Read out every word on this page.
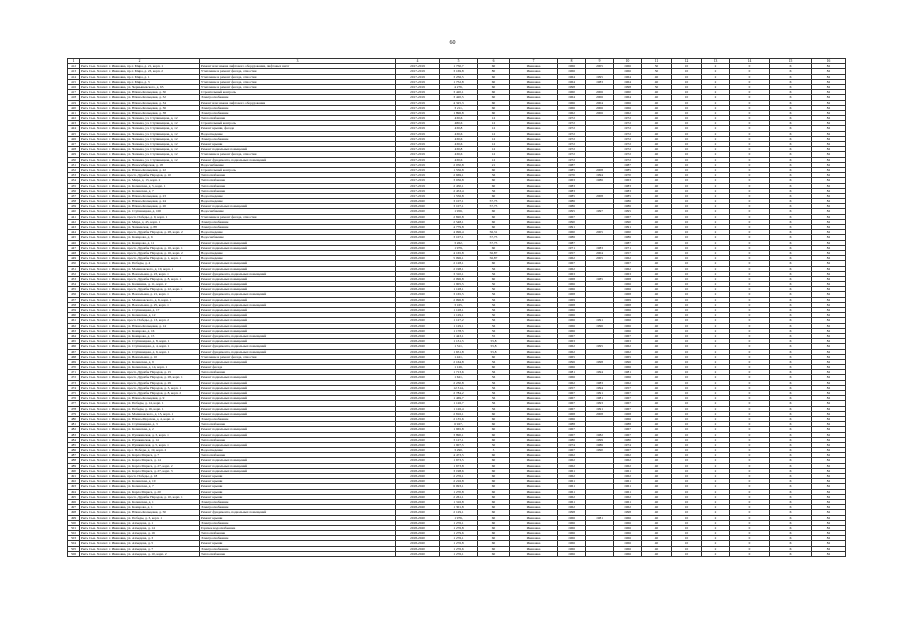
60
1	2	3	4	5	6	7	8	9	10	11	12	13	14	15	16
412	Рыть Сыа. Хлопот. г. Ивановка, пр-т. Мира, д. 21, корп. 1	Ремонт или замена лифтового оборудования, лифтовых шахт	2017-2019	1 750,7	60	Ивановка	1966	2005	1966	50	10	2	0	Х	82
413	Рыть Сыа. Хлопот. г. Ивановка, пр-т. Мира, д. 23, корп. 2	Утепление и ремонт фасада, отмостки	2017-2019	3 169,8	80	Ивановка	1966		1966	50	10	2	0	Х	82
414	Рыть Сыа. Хлопот. г. Ивановка, пр-т. Мира, д. 1	Утепление и ремонт фасада, отмостки	2017-2019	3 256,5	60	Ивановка	1964	1995	1964	40	10	2	0	Х	82
415	Рыть Сыа. Хлопот. г. Ивановка, пр-т. Мира, д. 3	Утепление и ремонт фасада, отмостки	2017-2019	1 752,8	60	Ивановка	1964	1983	1964	40	10	2	0	Х	82
416	Рыть Сыа. Хлопот. г. Ивановка, ул. Чернышевского, д. 65	Утепление и ремонт фасада, отмостки	2017-2019	4 276,	60	Ивановка	1998		1998	50	10	2	0	Х	82
417	Рыть Сыа. Хлопот. г. Ивановка, ул. Южно-Кольцевая, д. 30	Строительный контроль	2017-2019	3 420,1	60	Ивановка	1960	2006	1960	40	10	2	0	Х	82
418	Рыть Сыа. Хлопот. г. Ивановка, ул. Южно-Кольцевая, д. 32	Электроснабжение	2017-2019	3 420,5	60	Ивановка	1964	2006	1964	40	10	2	0	Х	82
419	Рыть Сыа. Хлопот. г. Ивановка, ул. Южно-Кольцевая, д. 34	Ремонт или замена лифтового оборудования	2017-2019	4 325,3	60	Ивановка	1966	2004	1966	40	10	2	0	Х	82
420	Рыть Сыа. Хлопот. г. Ивановка, ул. Южно-Кольцевая, д. 36	Электроснабжение	2017-2019	3 211,	60	Ивановка	1966	2006	1966	40	10	2	0	Х	82
421	Рыть Сыа. Хлопот. г. Ивановка, ул. Южно-Кольцевая, д. 38	Электроснабжение	2017-2019	1 896,8	60	Ивановка	1962	2006	1962	40	10	2	0	Х	82
422	Рыть Сыа. Хлопот. г. Ивановка, ул. Чапаева, ул. Ступинецкая, д. 12	Теплоснабжение	2017-2019	430,6	12	Ивановка	1972		1972	40	10	2	0	Х	82
423	Рыть Сыа. Хлопот. г. Ивановка, ул. Чапаева, ул. Ступинецкая, д. 12	Строительный контроль	2017-2019	480,6	12	Ивановка	1972		1972	40	10	2	0	Х	82
424	Рыть Сыа. Хлопот. г. Ивановка, ул. Чапаева, ул. Ступинецкая, д. 12	Ремонт крыши, фасада	2017-2019	430,8	12	Ивановка	1972		1972	40	10	2	0	Х	82
425	Рыть Сыа. Хлопот. г. Ивановка, ул. Чапаева, ул. Ступинецкая, д. 12	Водоотведение	2017-2019	430,6	12	Ивановка	1972		1972	40	10	2	0	Х	82
426	Рыть Сыа. Хлопот. г. Ивановка, ул. Чапаева, ул. Ступинецкая, д. 12	Электроснабжение	2017-2019	430,6	12	Ивановка	1972		1972	40	10	2	0	Х	82
427	Рыть Сыа. Хлопот. г. Ивановка, ул. Чапаева, ул. Ступинецкая, д. 12	Ремонт крыши	2017-2019	430,6	12	Ивановка	1972		1972	40	10	2	0	Х	82
428	Рыть Сыа. Хлопот. г. Ивановка, ул. Чапаева, ул. Ступинецкая, д. 12	Ремонт подвальных помещений	2017-2019	430,8	12	Ивановка	1972		1972	40	10	2	0	Х	82
429	Рыть Сыа. Хлопот. г. Ивановка, ул. Чапаева, ул. Ступинецкая, д. 12	Утепление и ремонт фасада, отмостки	2017-2019	430,6	12	Ивановка	1972		1972	40	10	2	0	Х	82
430	Рыть Сыа. Хлопот. г. Ивановка, ул. Чапаева, ул. Ступинецкая, д. 12	Ремонт фундамента, подвальных помещений	2017-2019	430,6	12	Ивановка	1972		1972	40	10	2	0	Х	82
431	Рыть Сыа. Хлопот. г. Ивановка, ул. Новосибирская, д. 18	Водоснабжение	2017-2019	2 050,8	21	Ивановка	1987		1987	40	10	2	0	Х	82
432	Рыть Сыа. Хлопот. г. Ивановка, ул. Южно-Кольцевая, д. 22	Строительный контроль	2017-2019	1 556,8	60	Ивановка	1985	2008	1985	40	10	2	0	Х	82
433	Рыть Сыа. Хлопот. г. Ивановка, просп. Дружбы Народов, д. 10	Теплоснабжение	2017-2019	2 669,1	56	Ивановка	1970	1994	1970	40	10	2	0	Х	82
434	Рыть Сыа. Хлопот. г. Ивановка, ул. Мира, д. 13, корп. 2	Теплоснабжение	2017-2019	3 036,8	60	Ивановка	1963	1986	1963	40	10	2	0	Х	82
435	Рыть Сыа. Хлопот. г. Ивановка, ул. Копевская, д. 5, корп. 1	Теплоснабжение	2017-2019	2 450,1	60	Ивановка	1983		1983	40	10	2	0	Х	82
436	Рыть Сыа. Хлопот. г. Ивановка, ул. Копевская, д. 7	Теплоснабжение	2017-2019	2 453,4	56	Ивановка	1983		1983	40	10	2	0	Х	82
437	Рыть Сыа. Хлопот. г. Ивановка, ул. Южно-Кольцевая, д. 23	Водоотведение	2017-2019	1 556,8	60	Ивановка	1985	2008	1985	40	10	2	0	Х	82
438	Рыть Сыа. Хлопот. г. Ивановка, ул. Южно-Кольцевая, д. 24	Водоотведение	2018-2020	3 107,1	57,75	Ивановка	1986		1986	40	10	2	0	Х	82
439	Рыть Сыа. Хлопот. г. Ивановка, ул. Южно-Кольцевая, д. 26	Ремонт подвальных помещений	2018-2020	3 107,1	57,75	Ивановка	1986		1986	40	10	2	0	Х	82
440	Рыть Сыа. Хлопот. г. Ивановка, ул. Ступинецкая, д. 100	Водоснабжение	2018-2020	1 956,	60	Ивановка	1995	1997	1995	40	10	2	0	Х	82
441	Рыть Сыа. Хлопот. г. Ивановка, просп. Победы, д. 9, корп. 1	Утепление и ремонт фасада, отмостки	2018-2020	2 820,8	60	Ивановка	1967		1967	40	10	2	0	Х	82
442	Рыть Сыа. Хлопот. г. Ивановка, ул. Мира, д. 45, корп. 1	Электроснабжение	2018-2020	2 548,1	60	Ивановка	1990		1990	40	10	2	0	Х	82
443	Рыть Сыа. Хлопот. г. Ивановка, ул. Чапаевская, д. 88	Электроснабжение	2018-2020	4 779,8	60	Ивановка	1991		1991	40	10	2	0	Х	82
444	Рыть Сыа. Хлопот. г. Ивановка, просп. Дружбы Народов, д. 28, корп. 2	Водоотведение	2018-2020	4 096,4	56,31	Ивановка	1960	2005	1960	40	10	2	0	Х	82
445	Рыть Сыа. Хлопот. г. Ивановка, ул. Комарова, д. 6	Водоснабжение	2018-2020	3 107,1	57,75	Ивановка	1986		1986	40	10	2	0	Х	82
446	Рыть Сыа. Хлопот. г. Ивановка, ул. Комарова, д. 11	Ремонт подвальных помещений	2018-2020	3 262,	57,75	Ивановка	1987		1987	40	10	2	0	Х	82
447	Рыть Сыа. Хлопот. г. Ивановка, просп. Дружбы Народов, д. 16, корп. 1	Ремонт подвальных помещений	2018-2020	1 979,	60	Ивановка	1971	1983	1971	40	10	2	0	Х	82
448	Рыть Сыа. Хлопот. г. Ивановка, просп. Дружбы Народов, д. 16, корп. 2	Водоотведение	2018-2020	4 165,8	56,87	Ивановка	1957	2004	1957	40	10	2	0	Х	82
449	Рыть Сыа. Хлопот. г. Ивановка, просп. Дружбы Народов, д. 1, корп. 1	Водоотведение	2018-2020	5 096,1	56,87	Ивановка	1962	2005	1962	40	10	2	0	Х	82
450	Рыть Сыа. Хлопот. г. Ивановка, ул. Победы, д. 4	Ремонт подвальных помещений	2018-2020	2 128,1	60	Ивановка	1967		1967	40	10	2	0	Х	82
451	Рыть Сыа. Хлопот. г. Ивановка, ул. Малиновского, д. 10, корп. 1	Ремонт подвальных помещений	2018-2020	2 198,1	56	Ивановка	1962		1962	40	10	2	0	Х	82
452	Рыть Сыа. Хлопот. г. Ивановка, ул. Вокзальная, д. 23, корп. 1	Ремонт фундамента, подвальных помещений	2018-2020	3 310,1	56	Ивановка	1963		1963	40	10	2	0	Х	82
453	Рыть Сыа. Хлопот. г. Ивановка, просп. Дружбы Народов, д. 8, корп. 1	Ремонт подвальных помещений	2018-2020	2 096,8	60	Ивановка	1968	1985	1968	40	10	2	0	Х	82
454	Рыть Сыа. Хлопот. г. Ивановка, ул. Калинина, д. 11, корп. 2	Ремонт подвальных помещений	2018-2020	1 905,5	50	Ивановка	1966		1966	40	10	2	0	Х	82
455	Рыть Сыа. Хлопот. г. Ивановка, просп. Дружбы Народов, д. 22, корп. 1	Ремонт подвальных помещений	2018-2020	1 128,1	50	Ивановка	1966		1966	40	10	2	0	Х	82
456	Рыть Сыа. Хлопот. г. Ивановка, ул. Вокзальная, д. 21, корп. 1	Ремонт фундамента, подвальных помещений	2018-2020	3 165,5	56	Ивановка	1968		1968	40	10	2	0	Х	82
457	Рыть Сыа. Хлопот. г. Ивановка, ул. Малиновского, д. 6, корп. 1	Ремонт подвальных помещений	2018-2020	2 096,8	56	Ивановка	1969		1969	40	10	2	0	Х	82
458	Рыть Сыа. Хлопот. г. Ивановка, ул. Вокзальная, д. 25, корп. 1	Ремонт фундамента, подвальных помещений	2018-2020	3 165,	56	Ивановка	1968		1968	40	10	2	0	Х	82
459	Рыть Сыа. Хлопот. г. Ивановка, ул. Ступинецкая, д. 17	Ремонт подвальных помещений	2018-2020	1 128,1	56	Ивановка	1966		1966	40	10	2	0	Х	82
460	Рыть Сыа. Хлопот. г. Ивановка, ул. Копевская, д. 12	Ремонт подвальных помещений	2018-2020	1 129,1	50	Ивановка	1966		1966	40	10	2	0	Х	82
461	Рыть Сыа. Хлопот. г. Ивановка, просп. Победы, д. 13, корп. 2	Ремонт подвальных помещений	2018-2020	1 127,2	56	Ивановка	1966	1991	1966	40	10	2	0	Х	82
462	Рыть Сыа. Хлопот. г. Ивановка, ул. Южно-Кольцевая, д. 14	Ремонт подвальных помещений	2018-2020	1 129,1	56	Ивановка	1966	1996	1966	40	10	2	0	Х	82
463	Рыть Сыа. Хлопот. г. Ивановка, ул. Комарова, д. 16	Ремонт подвальных помещений	2018-2020	1 178,5	56	Ивановка	1966		1966	40	10	2	0	Х	82
464	Рыть Сыа. Хлопот. г. Ивановка, ул. Комарова, д. 15	Ремонт фундамента, подвальных помещений	2018-2020	1 443,1	55	Ивановка	1967		1967	40	10	2	0	Х	82
465	Рыть Сыа. Хлопот. г. Ивановка, ул. Ступинецкая, д. 8, корп. 1	Ремонт подвальных помещений	2018-2020	1 131,5	55,8	Ивановка	1963		1963	40	10	2	0	Х	82
466	Рыть Сыа. Хлопот. г. Ивановка, ул. Ступинецкая, д. 4, корп. 1	Ремонт фундамента, подвальных помещений	2018-2020	1 511,	55,8	Ивановка	1962	1995	1962	40	10	2	0	Х	82
467	Рыть Сыа. Хлопот. г. Ивановка, ул. Ступинецкая, д. 6, корп. 1	Ремонт фундамента, подвальных помещений	2018-2020	1 651,8	55,8	Ивановка	1962		1962	40	10	2	0	Х	82
468	Рыть Сыа. Хлопот. г. Ивановка, ул. Вокзальная, д. 10	Утепление и ремонт фасада, отмостки	2018-2020	1 421,	60	Ивановка	1965		1965	40	10	2	0	Х	82
469	Рыть Сыа. Хлопот. г. Ивановка, ул. Копевская, д. 9	Ремонт подвальных помещений	2018-2020	2 164,8	56	Ивановка	1996	1998	1996	40	10	2	0	Х	82
470	Рыть Сыа. Хлопот. г. Ивановка, ул. Копевская, д. 14, корп. 1	Ремонт фасада	2018-2020	1 126,	60	Ивановка	1966		1966	40	10	2	0	Х	82
471	Рыть Сыа. Хлопот. г. Ивановка, просп. Дружбы Народов, д. 15	Теплоснабжение	2018-2020	1 713,6	56	Ивановка	1981	1994	1981	40	10	2	0	Х	82
472	Рыть Сыа. Хлопот. г. Ивановка, просп. Дружбы Народов, д. 28, корп. 1	Ремонт подвальных помещений	2018-2020	1 621,	56	Ивановка	1966		1966	40	10	2	0	Х	82
473	Рыть Сыа. Хлопот. г. Ивановка, просп. Дружбы Народов, д. 29	Ремонт подвальных помещений	2018-2020	2 230,8	56	Ивановка	1962	1983	1962	40	10	2	0	Х	82
474	Рыть Сыа. Хлопот. г. Ивановка, просп. Дружбы Народов, д. 3, корп. 1	Ремонт подвальных помещений	2018-2020	12 314,	56	Ивановка	1957	1994	1957	40	10	2	0	Х	82
475	Рыть Сыа. Хлопот. г. Ивановка, просп. Дружбы Народов, д. 8, корп. 2	Ремонт подвальных помещений	2018-2020	2 784,2	56	Ивановка	1967	1991	1967	40	10	2	0	Х	82
476	Рыть Сыа. Хлопот. г. Ивановка, ул. Южно-Кольцевая, д. 9	Ремонт подвальных помещений	2018-2020	1 469,7	56	Ивановка	1967	1981	1967	40	10	2	0	Х	82
477	Рыть Сыа. Хлопот. г. Ивановка, ул. Победы, д. 14, корп. 1	Ремонт подвальных помещений	2018-2020	1 126,7	56	Ивановка	1967	1993	1967	40	10	2	0	Х	82
478	Рыть Сыа. Хлопот. г. Ивановка, ул. Победы, д. 16, корп. 1	Ремонт подвальных помещений	2018-2020	1 126,4	56	Ивановка	1967	1991	1967	40	10	2	0	Х	82
479	Рыть Сыа. Хлопот. г. Ивановка, ул. Малиновского, д. 15, корп. 1	Ремонт подвальных помещений	2018-2020	2 816,1	60	Ивановка	1968	2008	1968	40	10	2	0	Х	82
480	Рыть Сыа. Хлопот. г. Ивановка, ул. Южно-Морская, д. 4, корп. 4	Электроснабжение	2018-2020	2 135,6	60	Ивановка	1966		1966	40	10	2	0	Х	82
481	Рыть Сыа. Хлопот. г. Ивановка, ул. Ступинецкая, д. 3	Теплоснабжение	2018-2020	6 927,	60	Ивановка	1988		1988	40	10	2	0	Х	82
482	Рыть Сыа. Хлопот. г. Ивановка, ул. Копевская, д. 2	Ремонт подвальных помещений	2018-2020	1 965,8	60	Ивановка	1967		1967	40	10	2	0	Х	82
483	Рыть Сыа. Хлопот. г. Ивановка, ул. Пушкинская, д. 3, корп. 1	Ремонт подвальных помещений	2018-2020	3 890,1	60	Ивановка	1967	1982	1967	40	10	2	0	Х	82
484	Рыть Сыа. Хлопот. г. Ивановка, ул. Пушкинская, д. 14	Теплоснабжение	2018-2020	3 127,1	60	Ивановка	1980	1999	1980	40	10	2	0	Х	82
485	Рыть Сыа. Хлопот. г. Ивановка, ул. Пушкинская, д. 5, корп. 1	Ремонт подвальных помещений	2018-2020	1 907,5	50	Ивановка	1974	1986	1974	40	10	2	0	Х	82
486	Рыть Сыа. Хлопот. г. Ивановка, пр-т. Победы, д. 19, корп. 2	Водоотведение	2018-2020	3 290,	3	Ивановка	1967	1990	1967	40	10	2	0	Х	82
487	Рыть Сыа. Хлопот. г. Ивановка, ул. Карла Маркса, д. 7	Теплоснабжение	2018-2020	4 473,5	60	Ивановка	1962		1962	40	10	2	0	Х	82
488	Рыть Сыа. Хлопот. г. Ивановка, ул. Карла Маркса, д. 14	Ремонт подвальных помещений	2018-2020	1 673,5	60	Ивановка	1962		1962	40	10	2	0	Х	82
489	Рыть Сыа. Хлопот. г. Ивановка, ул. Карла Маркса, д. 27, корп. 2	Ремонт подвальных помещений	2018-2020	1 673,8	60	Ивановка	1962		1962	40	10	2	0	Х	82
490	Рыть Сыа. Хлопот. г. Ивановка, ул. Карла Маркса, д. 27, корп. 3	Ремонт подвальных помещений	2018-2020	3 198,6	60	Ивановка	1961		1961	40	10	2	0	Х	82
491	Рыть Сыа. Хлопот. г. Ивановка, просп. Победы, д. 18	Ремонт крыши	2018-2020	2 276,1	60	Ивановка	1962		1962	40	10	2	0	Х	82
492	Рыть Сыа. Хлопот. г. Ивановка, ул. Копевская, д. 10	Ремонт крыши	2018-2020	2 216,8	60	Ивановка	1961		1961	40	10	2	0	Х	82
493	Рыть Сыа. Хлопот. г. Ивановка, ул. Копевская, д. 7	Ремонт крыши	2018-2020	6 093,1	60	Ивановка	1961		1961	40	10	2	0	Х	82
494	Рыть Сыа. Хлопот. г. Ивановка, ул. Карла Маркса, д. 20	Ремонт крыши	2018-2020	1 270,8	60	Ивановка	1961		1961	40	10	2	0	Х	82
495	Рыть Сыа. Хлопот. г. Ивановка, просп. Дружбы Народов, д. 10, корп. 1	Ремонт крыши	2018-2020	2 261,1	60	Ивановка	1962		1962	40	10	2	0	Х	82
496	Рыть Сыа. Хлопот. г. Ивановка, ул. Копевская, д. 1	Электроснабжение	2018-2020	1 316,8	60	Ивановка	1961		1961	40	10	2	0	Х	82
497	Рыть Сыа. Хлопот. г. Ивановка, ул. Комарова, д. 1	Электроснабжение	2018-2020	1 301,8	60	Ивановка	1962		1962	40	10	2	0	Х	82
498	Рыть Сыа. Хлопот. г. Ивановка, ул. Южно-Кольцевая, д. 50	Ремонт фундамента, подвальных помещений	2018-2020	2 129,1	60	Ивановка	1998		1998	40	10	2	0	Х	82
499	Рыть Сыа. Хлопот. г. Ивановка, ул. Победы, д. 3, корп. 1	Ремонт крыши	2018-2020	1 976,	60	Ивановка	1966	1981	1966	40	10	2	0	Х	82
500	Рыть Сыа. Хлопот. г. Ивановка, ул. Ахмедова, д. 1	Электроснабжение	2018-2020	1 276,1	60	Ивановка	1966		1966	40	10	2	0	Х	82
501	Рыть Сыа. Хлопот. г. Ивановка, ул. Ахмедова, д. 14	Горячее водоснабжение	2018-2020	1 276,8	60	Ивановка	1966		1966	40	10	2	0	Х	82
502	Рыть Сыа. Хлопот. г. Ивановка, ул. Ахмедова, д. 16	Теплоснабжение	2018-2020	1 279,6	60	Ивановка	1966		1966	40	10	2	0	Х	82
503	Рыть Сыа. Хлопот. г. Ивановка, ул. Ахмедова, д. 3	Электроснабжение	2018-2020	1 276,1	60	Ивановка	1966		1966	40	10	2	0	Х	82
504	Рыть Сыа. Хлопот. г. Ивановка, ул. Ахмедова, д. 5	Ремонт крыши	2018-2020	1 276,8	60	Ивановка	1966		1966	40	10	2	0	Х	82
505	Рыть Сыа. Хлопот. г. Ивановка, ул. Ахмедова, д. 7	Электроснабжение	2018-2020	1 276,6	60	Ивановка	1966		1966	40	10	2	0	Х	82
506	Рыть Сыа. Хлопот. г. Ивановка, ул. Ахмедова, д. 10, корп. 2	Теплоснабжение	2018-2020	1 276,1	60	Ивановка	1966		1966	40	10	2	0	Х	82
